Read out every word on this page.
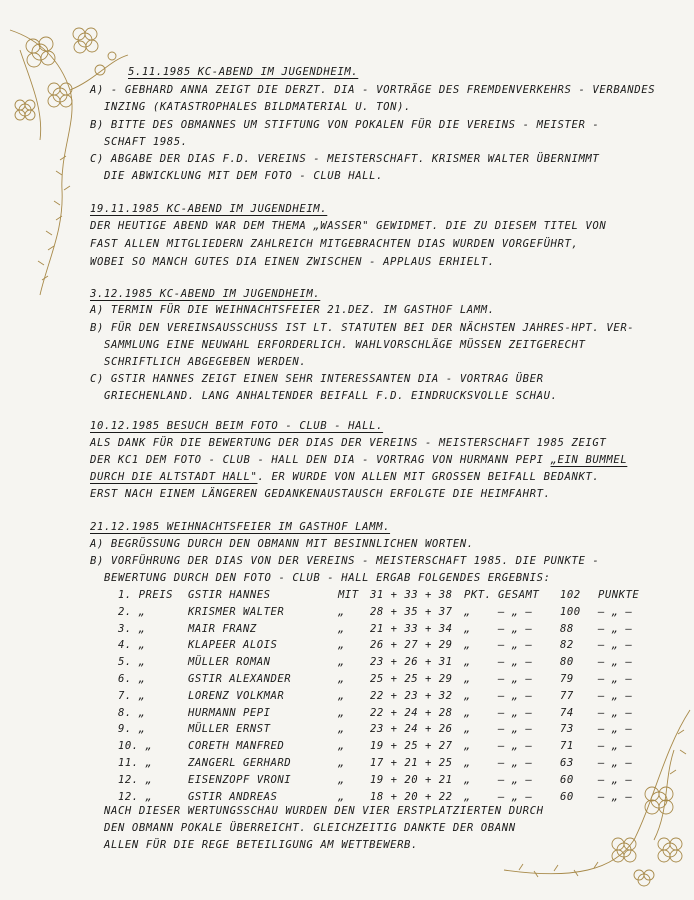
5.11.1985 KC-ABEND IM JUGENDHEIM.
A) - GEBHARD ANNA ZEIGT DIE DERZT. DIA - VORTRÄGE DES FREMDENVERKEHRS - VERBANDES
INZING (KATASTROPHALES BILDMATERIAL U. TON).
B) BITTE DES OBMANNES UM STIFTUNG VON POKALEN FÜR DIE VEREINS - MEISTER -
SCHAFT 1985.
C) ABGABE DER DIAS F.D. VEREINS - MEISTERSCHAFT. KRISMER WALTER ÜBERNIMMT
DIE ABWICKLUNG MIT DEM FOTO - CLUB HALL.
19.11.1985 KC-ABEND IM JUGENDHEIM.
DER HEUTIGE ABEND WAR DEM THEMA „WASSER" GEWIDMET. DIE ZU DIESEM TITEL VON
FAST ALLEN MITGLIEDERN ZAHLREICH MITGEBRACHTEN DIAS WURDEN VORGEFÜHRT,
WOBEI SO MANCH GUTES DIA EINEN ZWISCHEN - APPLAUS ERHIELT.
3.12.1985 KC-ABEND IM JUGENDHEIM.
A) TERMIN FÜR DIE WEIHNACHTSFEIER 21.DEZ. IM GASTHOF LAMM.
B) FÜR DEN VEREINSAUSSCHUSS IST LT. STATUTEN BEI DER NÄCHSTEN JAHRES-HPT. VER-
SAMMLUNG EINE NEUWAHL ERFORDERLICH. WAHLVORSCHLÄGE MÜSSEN ZEITGERECHT
SCHRIFTLICH ABGEGEBEN WERDEN.
C) GSTIR HANNES ZEIGT EINEN SEHR INTERESSANTEN DIA - VORTRAG ÜBER
GRIECHENLAND. LANG ANHALTENDER BEIFALL F.D. EINDRUCKSVOLLE SCHAU.
10.12.1985 BESUCH BEIM FOTO - CLUB - HALL.
ALS DANK FÜR DIE BEWERTUNG DER DIAS DER VEREINS - MEISTERSCHAFT 1985 ZEIGT
DER KC1 DEM FOTO - CLUB - HALL DEN DIA - VORTRAG VON HURMANN PEPI „EIN BUMMEL
DURCH DIE ALTSTADT HALL". ER WURDE VON ALLEN MIT GROSSEN BEIFALL BEDANKT.
ERST NACH EINEM LÄNGEREN GEDANKENAUSTAUSCH ERFOLGTE DIE HEIMFAHRT.
21.12.1985 WEIHNACHTSFEIER IM GASTHOF LAMM.
A) BEGRÜSSUNG DURCH DEN OBMANN MIT BESINNLICHEN WORTEN.
B) VORFÜHRUNG DER DIAS VON DER VEREINS - MEISTERSCHAFT 1985. DIE PUNKTE -
BEWERTUNG DURCH DEN FOTO - CLUB - HALL ERGAB FOLGENDES ERGEBNIS:
1. PREIS GSTIR HANNES	MIT 31 + 33 + 38 PKT. GESAMT 102 PUNKTE
2. „	KRISMER WALTER	„ 28 + 35 + 37 „	— „ —	100 — „ —
3. „	MAIR FRANZ	„ 21 + 33 + 34 „	— „ —	88 — „ —
4. „	KLAPEER ALOIS	„ 26 + 27 + 29 „	— „ —	82 — „ —
5. „	MÜLLER ROMAN	„ 23 + 26 + 31 „	— „ —	80 — „ —
6. „	GSTIR ALEXANDER	„ 25 + 25 + 29 „	— „ —	79 — „ —
7. „	LORENZ VOLKMAR	„ 22 + 23 + 32 „	— „ —	77 — „ —
8. „	HURMANN PEPI	„ 22 + 24 + 28 „	— „ —	74 — „ —
9. „	MÜLLER ERNST	„ 23 + 24 + 26 „	— „ —	73 — „ —
10. „	CORETH MANFRED	„ 19 + 25 + 27 „	— „ —	71 — „ —
11. „	ZANGERL GERHARD	„ 17 + 21 + 25 „	— „ —	63 — „ —
12. „	EISENZOPF VRONI	„ 19 + 20 + 21 „	— „ —	60 — „ —
12. „	GSTIR ANDREAS	„ 18 + 20 + 22 „	— „ —	60 — „ —
NACH DIESER WERTUNGSSCHAU WURDEN DEN VIER ERSTPLATZIERTEN DURCH
DEN OBMANN POKALE ÜBERREICHT. GLEICHZEITIG DANKTE DER OBANN
ALLEN FÜR DIE REGE BETEILIGUNG AM WETTBEWERB.
